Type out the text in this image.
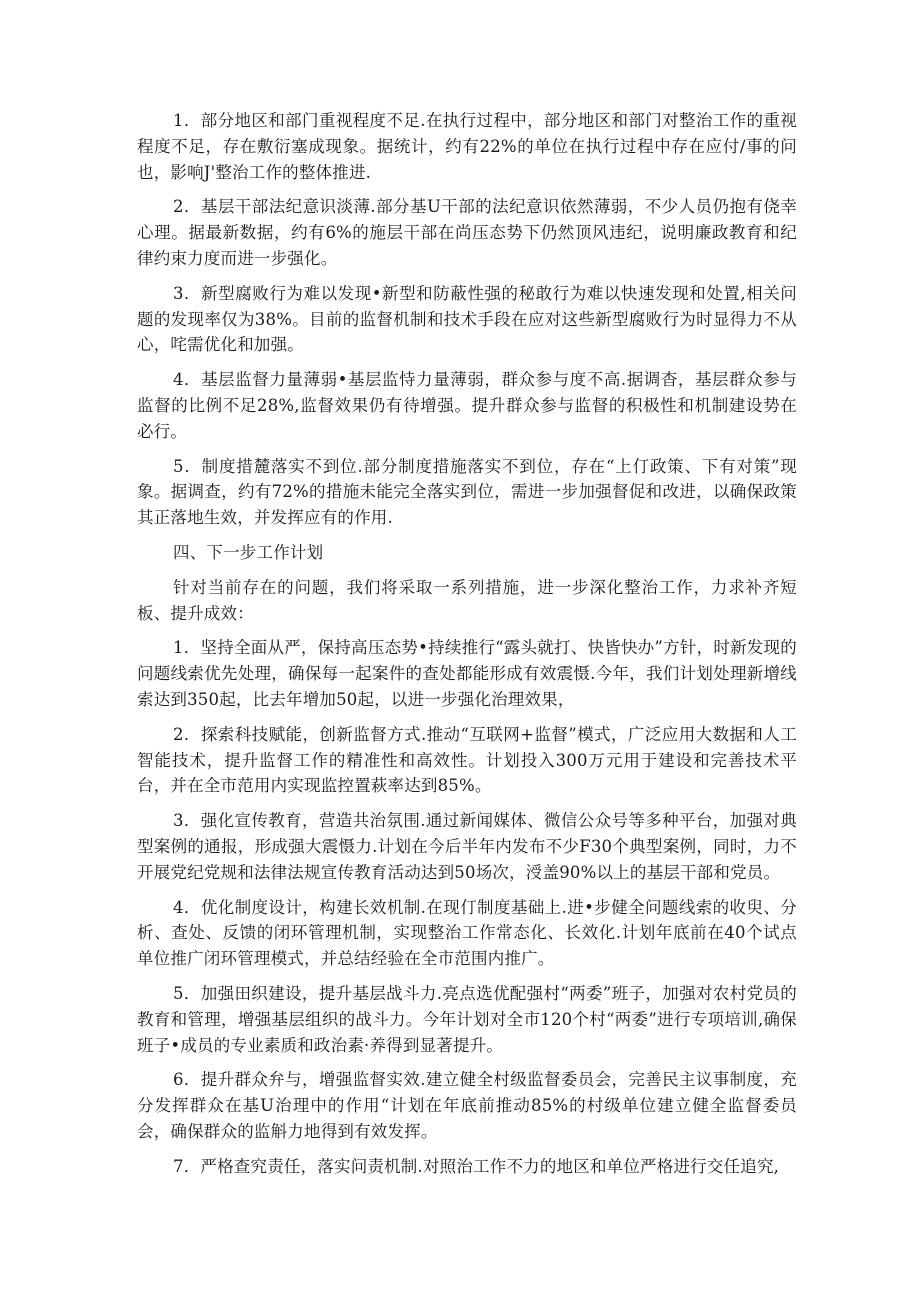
1．部分地区和部门重视程度不足.在执行过程中，部分地区和部门对整治工作的重视程度不足，存在敷衍塞成现象。据统计，约有22%的单位在执行过程中存在应付/事的问也，影响J'整治工作的整体推进.

2．基层干部法纪意识淡薄.部分基U干部的法纪意识依然薄弱，不少人员仍抱有侥幸心理。据最新数据，约有6%的施层干部在尚压态势下仍然顶风违纪，说明廉政教育和纪律约束力度而进一步强化。

3．新型腐败行为难以发现•新型和防蔽性强的秘敢行为难以快速发现和处置,相关问题的发现率仅为38%。目前的监督机制和技术手段在应对这些新型腐败行为时显得力不从心，咤需优化和加强。

4．基层监督力量薄弱•基层监恃力量薄弱，群众参与度不高.据调杳，基层群众参与监督的比例不足28%,监督效果仍有待增强。提升群众参与监督的积极性和机制建设势在必行。

5．制度措麓落实不到位.部分制度措施落实不到位，存在“上仃政策、下有对策”现象。据调查，约有72%的措施未能完全落实到位，需进一步加强督促和改进，以确保政策其正落地生效，并发挥应有的作用.

四、下一步工作计划

针对当前存在的问题，我们将采取一系列措施，进一步深化整治工作，力求补齐短板、提升成效：

1．坚持全面从严，保持高压态势•持续推行“露头就打、快皆快办”方针，时新发现的问题线索优先处理，确保每一起案件的查处都能形成有效震慑.今年，我们计划处理新增线索达到350起，比去年增加50起，以进一步强化治理效果，

2．探索科技赋能，创新监督方式.推动“互联网+监督”模式，广泛应用大数据和人工智能技术，提升监督工作的精准性和高效性。计划投入300万元用于建设和完善技术平台，并在全市范用内实现监控置萩率达到85%。

3．强化宣传教育，营造共治氛围.通过新闻媒体、微信公众号等多种平台，加强对典型案例的通报，形成强大震慑力.计划在今后半年内发布不少F30个典型案例，同时，力不开展党纪党规和法律法规宣传教育活动达到50场次，涭盖90%以上的基层干部和党员。

4．优化制度设计，构建长效机制.在现仃制度基础上.进•步健全问题线索的收臾、分析、查处、反馈的闭环管理机制，实现整治工作常态化、长效化.计划年底前在40个试点单位推广闭环管理模式，并总结经验在全市范围内推广。

5．加强田织建设，提升基层战斗力.亮点选优配强村“两委”班子，加强对农村党员的教育和管理，增强基层组织的战斗力。今年计划对全市120个村“两委”进行专项培训,确保班子•成员的专业素质和政治素·养得到显著提升。

6．提升群众弁与，增强监督实效.建立健全村级监督委员会，完善民主议事制度，充分发挥群众在基U治理中的作用“计划在年底前推动85%的村级单位建立健全监督委员会，确保群众的监斛力地得到有效发挥。

7．严格查究责任，落实问责机制.对照治工作不力的地区和单位严格进行交任追究,
